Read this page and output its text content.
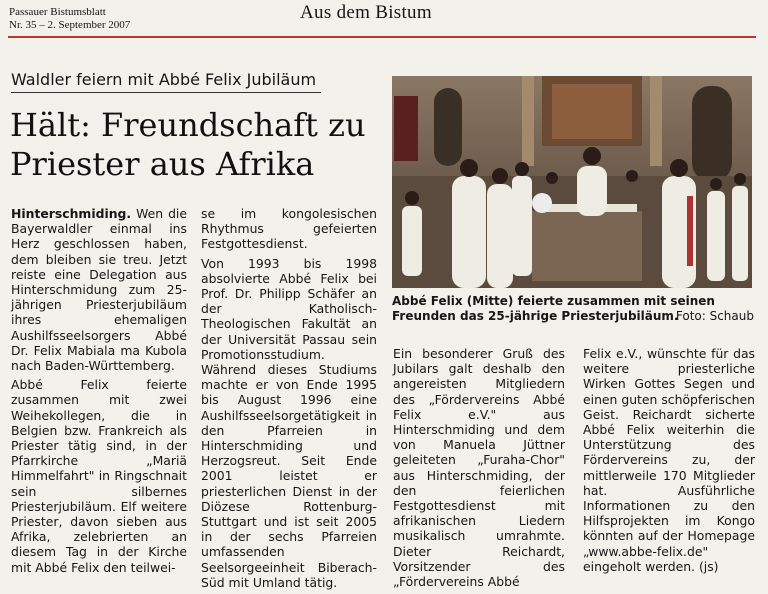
Passauer Bistumsblatt
Nr. 35 – 2. September 2007
Aus dem Bistum
Waldler feiern mit Abbé Felix Jubiläum
Hält: Freundschaft zu Priester aus Afrika

Hinterschmiding. Wen die Bayerwaldler einmal ins Herz geschlossen haben, dem bleiben sie treu. Jetzt reiste eine Delegation aus Hinterschmidung zum 25-jährigen Priesterjubiläum ihres ehemaligen Aushilfsseelsorgers Abbé Dr. Felix Mabiala ma Kubola nach Baden-Württemberg.

Abbé Felix feierte zusammen mit zwei Weihekollegen, die in Belgien bzw. Frankreich als Priester tätig sind, in der Pfarrkirche „Mariä Himmelfahrt" in Ringschnait sein silbernes Priesterjubiläum. Elf weitere Priester, davon sieben aus Afrika, zelebrierten an diesem Tag in der Kirche mit Abbé Felix den teilwei-

se im kongolesischen Rhythmus gefeierten Festgottesdienst.

Von 1993 bis 1998 absolvierte Abbé Felix bei Prof. Dr. Philipp Schäfer an der Katholisch-Theologischen Fakultät an der Universität Passau sein Promotionsstudium. Während dieses Studiums machte er von Ende 1995 bis August 1996 eine Aushilfsseelsorgetätigkeit in den Pfarreien in Hinterschmiding und Herzogsreut. Seit Ende 2001 leistet er priesterlichen Dienst in der Diözese Rottenburg-Stuttgart und ist seit 2005 in der sechs Pfarreien umfassenden Seelsorgeeinheit Biberach-Süd mit Umland tätig.

Abbé Felix (Mitte) feierte zusammen mit seinen Freunden das 25-jährige Priesterjubiläum.
Foto: Schaub

Ein besonderer Gruß des Jubilars galt deshalb den angereisten Mitgliedern des „Fördervereins Abbé Felix e.V." aus Hinterschmiding und dem von Manuela Jüttner geleiteten „Furaha-Chor" aus Hinterschmiding, der den feierlichen Festgottesdienst mit afrikanischen Liedern musikalisch umrahmte. Dieter Reichardt, Vorsitzender des „Fördervereins Abbé

Felix e.V., wünschte für das weitere priesterliche Wirken Gottes Segen und einen guten schöpferischen Geist. Reichardt sicherte Abbé Felix weiterhin die Unterstützung des Fördervereins zu, der mittlerweile 170 Mitglieder hat. Ausführliche Informationen zu den Hilfsprojekten im Kongo könnten auf der Homepage „www.abbe-felix.de" eingeholt werden. (js)
